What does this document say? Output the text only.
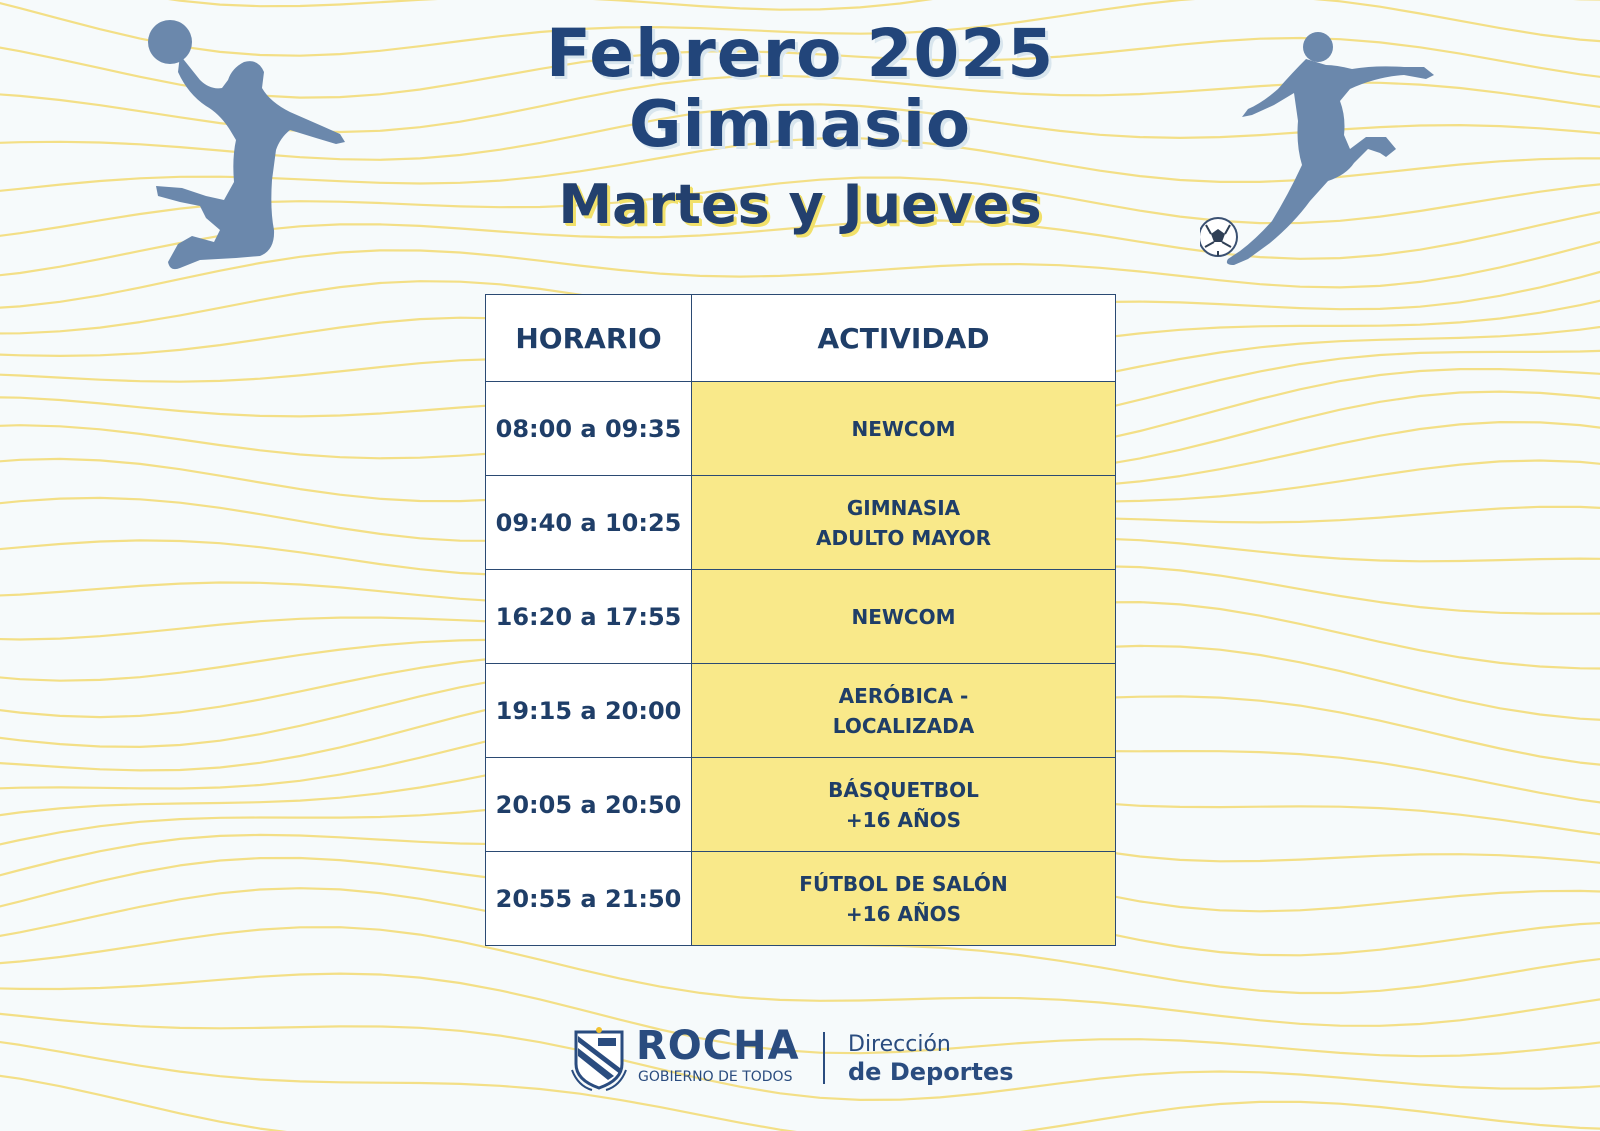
Febrero 2025
Gimnasio
Martes y Jueves
HORARIO	ACTIVIDAD
08:00 a 09:35	NEWCOM

09:40 a 10:25	GIMNASIA
ADULTO MAYOR

16:20 a 17:55	NEWCOM

19:15 a 20:00	AERÓBICA -
LOCALIZADA

20:05 a 20:50	BÁSQUETBOL
+16 AÑOS

20:55 a 21:50	FÚTBOL DE SALÓN
+16 AÑOS
ROCHA
GOBIERNO DE TODOS
Dirección
de Deportes
